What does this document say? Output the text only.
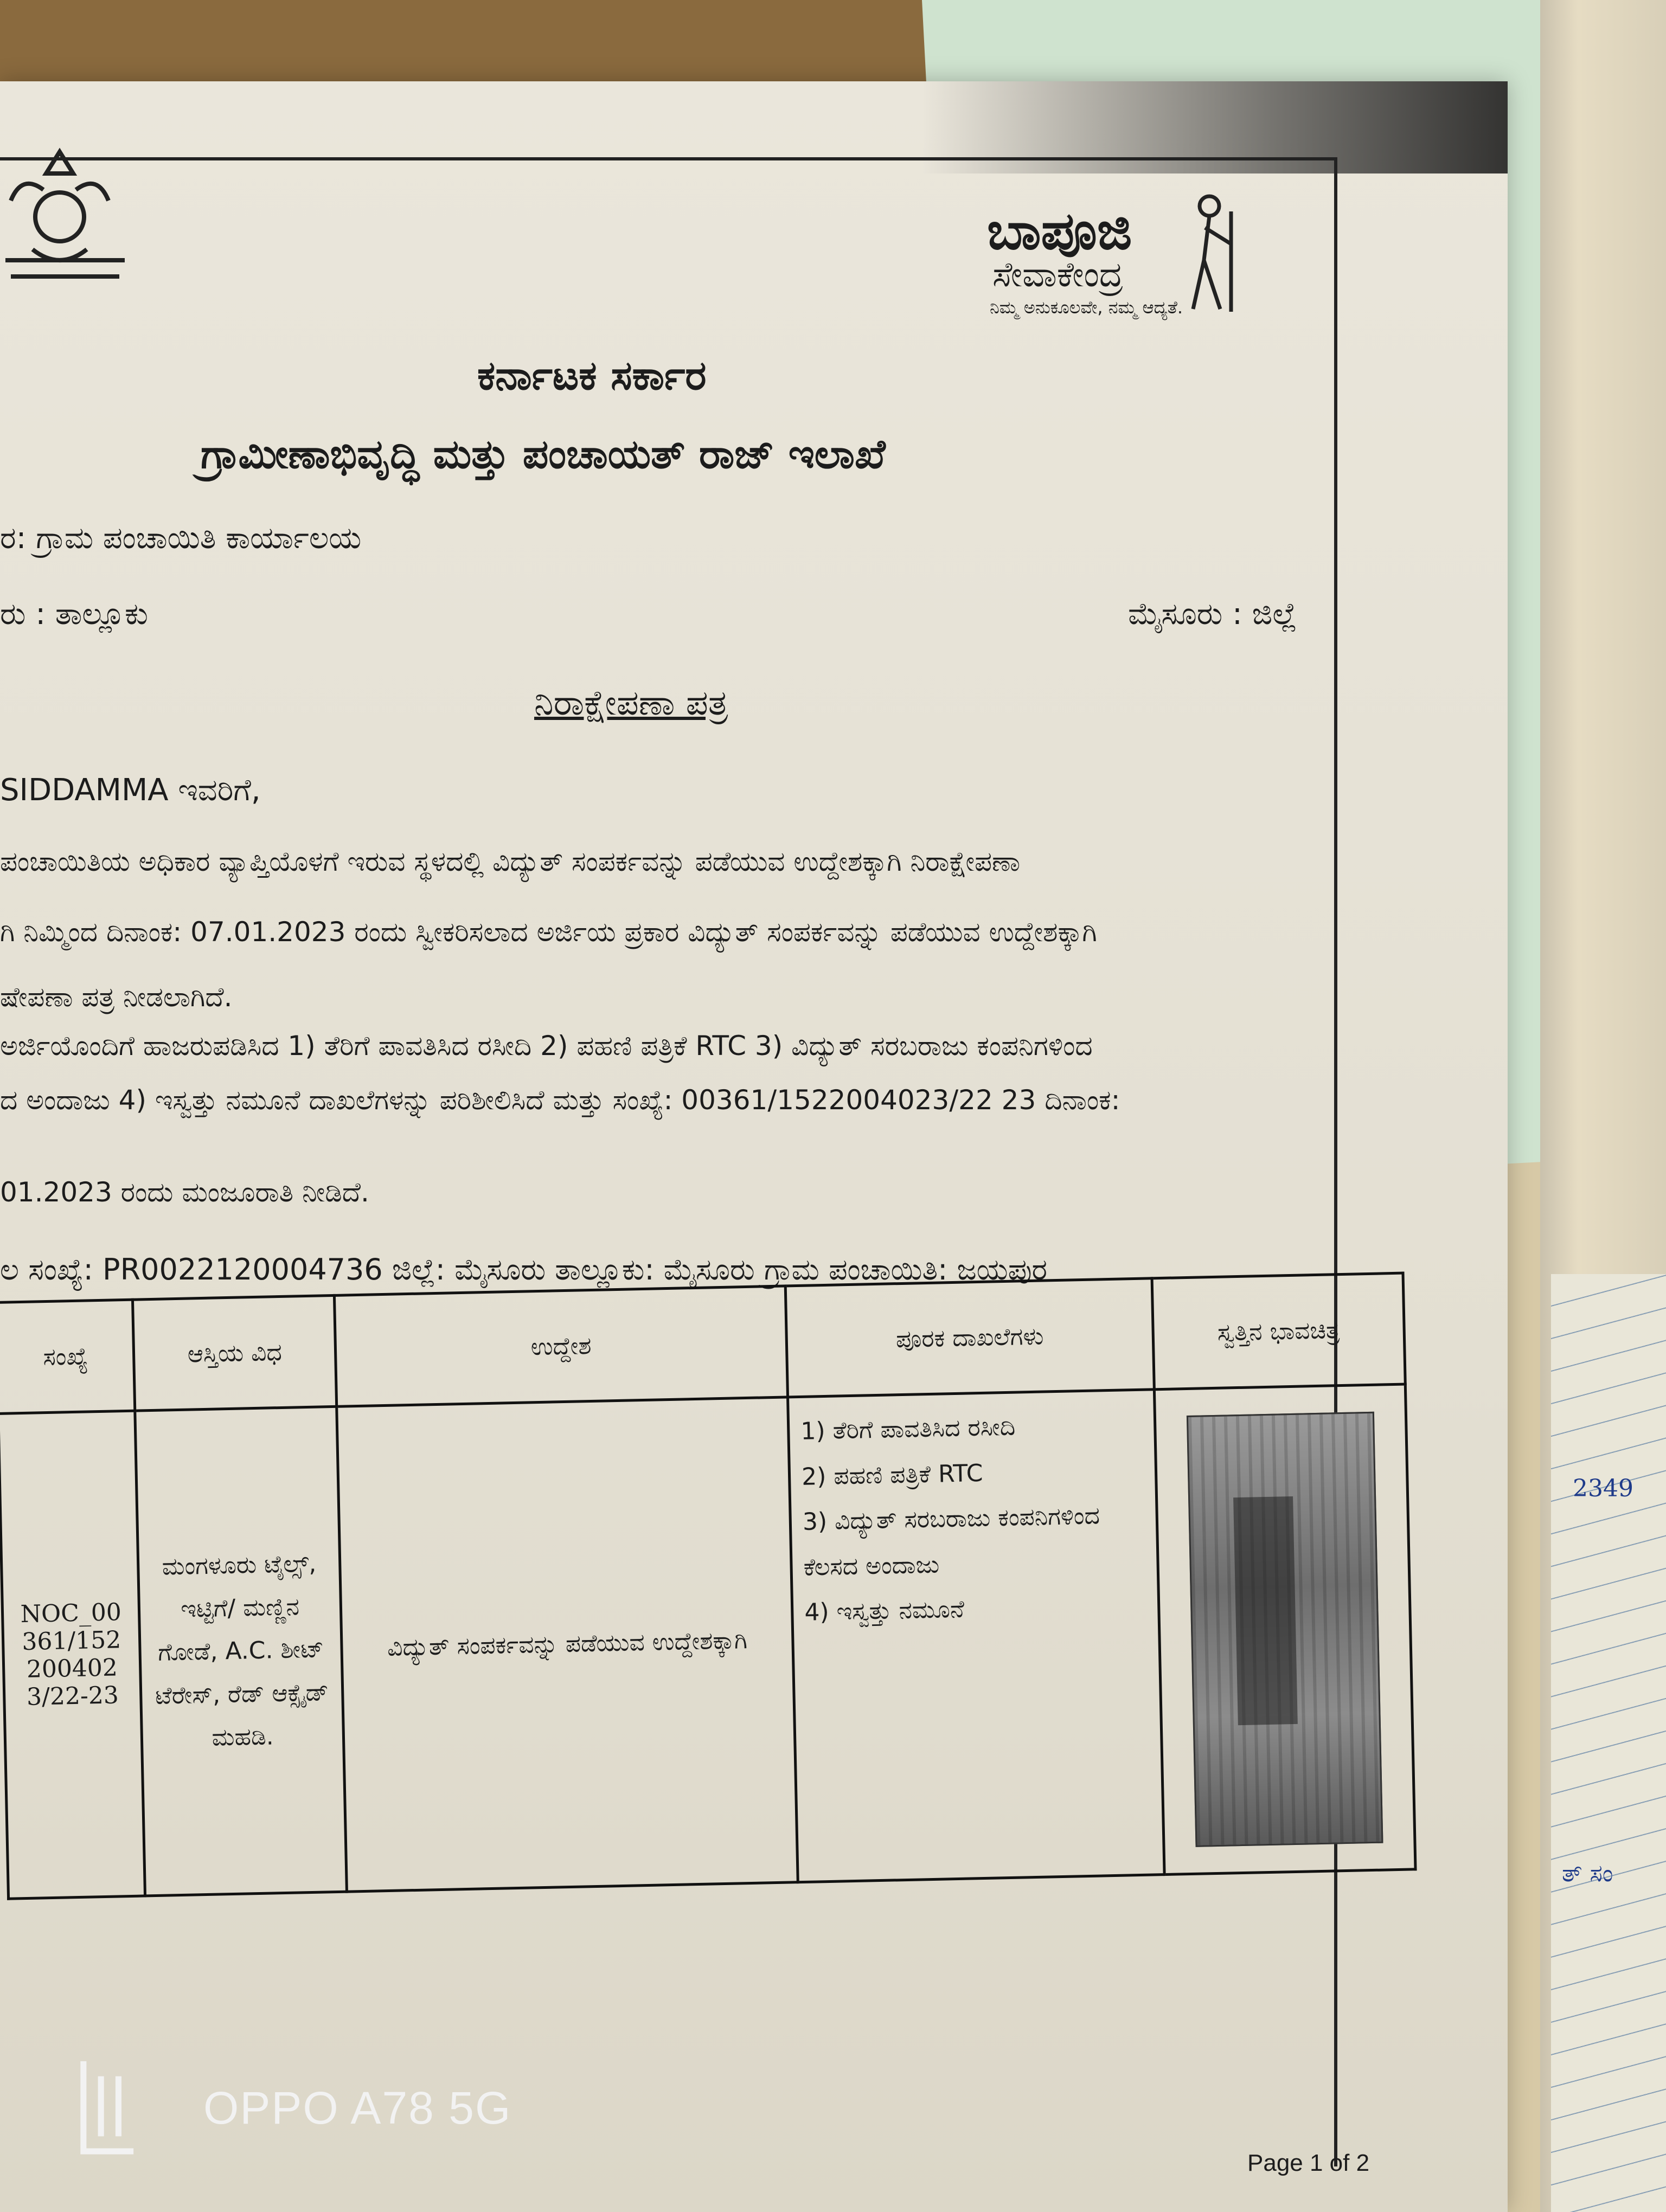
2349
ತ್ ಸಂ
ಬಾಪೂಜಿ
ಸೇವಾಕೇಂದ್ರ
ನಿಮ್ಮ ಅನುಕೂಲವೇ, ನಮ್ಮ ಆದ್ಯತೆ.
ಕರ್ನಾಟಕ ಸರ್ಕಾರ
ಗ್ರಾಮೀಣಾಭಿವೃದ್ಧಿ ಮತ್ತು ಪಂಚಾಯತ್ ರಾಜ್ ಇಲಾಖೆ
ರ: ಗ್ರಾಮ ಪಂಚಾಯಿತಿ ಕಾರ್ಯಾಲಯ
ರು : ತಾಲ್ಲೂಕು	ಮೈಸೂರು : ಜಿಲ್ಲೆ
ನಿರಾಕ್ಷೇಪಣಾ ಪತ್ರ
SIDDAMMA ಇವರಿಗೆ,
ಪಂಚಾಯಿತಿಯ ಅಧಿಕಾರ ವ್ಯಾಪ್ತಿಯೊಳಗೆ ಇರುವ ಸ್ಥಳದಲ್ಲಿ ವಿದ್ಯುತ್ ಸಂಪರ್ಕವನ್ನು ಪಡೆಯುವ ಉದ್ದೇಶಕ್ಕಾಗಿ ನಿರಾಕ್ಷೇಪಣಾ
ಗಿ ನಿಮ್ಮಿಂದ ದಿನಾಂಕ: 07.01.2023 ರಂದು ಸ್ವೀಕರಿಸಲಾದ ಅರ್ಜಿಯ ಪ್ರಕಾರ ವಿದ್ಯುತ್ ಸಂಪರ್ಕವನ್ನು ಪಡೆಯುವ ಉದ್ದೇಶಕ್ಕಾಗಿ
ಷೇಪಣಾ ಪತ್ರ ನೀಡಲಾಗಿದೆ.
ಅರ್ಜಿಯೊಂದಿಗೆ ಹಾಜರುಪಡಿಸಿದ 1) ತೆರಿಗೆ ಪಾವತಿಸಿದ ರಸೀದಿ 2) ಪಹಣಿ ಪತ್ರಿಕೆ RTC 3) ವಿದ್ಯುತ್ ಸರಬರಾಜು ಕಂಪನಿಗಳಿಂದ
ದ ಅಂದಾಜು 4) ಇಸ್ವತ್ತು ನಮೂನೆ ದಾಖಲೆಗಳನ್ನು ಪರಿಶೀಲಿಸಿದೆ ಮತ್ತು ಸಂಖ್ಯೆ: 00361/1522004023/22 23 ದಿನಾಂಕ:
01.2023 ರಂದು ಮಂಜೂರಾತಿ ನೀಡಿದೆ.
ಲ ಸಂಖ್ಯೆ: PR0022120004736 ಜಿಲ್ಲೆ: ಮೈಸೂರು ತಾಲ್ಲೂಕು: ಮೈಸೂರು ಗ್ರಾಮ ಪಂಚಾಯಿತಿ: ಜಯಪುರ
ಸಂಖ್ಯೆ	ಆಸ್ತಿಯ ವಿಧ	ಉದ್ದೇಶ	ಪೂರಕ ದಾಖಲೆಗಳು	ಸ್ವತ್ತಿನ ಭಾವಚಿತ್ರ
NOC_00361/1522004023/22-23	ಮಂಗಳೂರು ಟೈಲ್ಸ್, ಇಟ್ಟಿಗೆ/ ಮಣ್ಣಿನ ಗೋಡೆ, A.C. ಶೀಟ್ ಟೆರೇಸ್, ರೆಡ್ ಆಕ್ಸೈಡ್ ಮಹಡಿ.	ವಿದ್ಯುತ್ ಸಂಪರ್ಕವನ್ನು ಪಡೆಯುವ ಉದ್ದೇಶಕ್ಕಾಗಿ	1) ತೆರಿಗೆ ಪಾವತಿಸಿದ ರಸೀದಿ
2) ಪಹಣಿ ಪತ್ರಿಕೆ RTC
3) ವಿದ್ಯುತ್ ಸರಬರಾಜು ಕಂಪನಿಗಳಿಂದ ಕೆಲಸದ ಅಂದಾಜು
4) ಇಸ್ವತ್ತು ನಮೂನೆ	

Page 1 of 2
OPPO A78 5G
